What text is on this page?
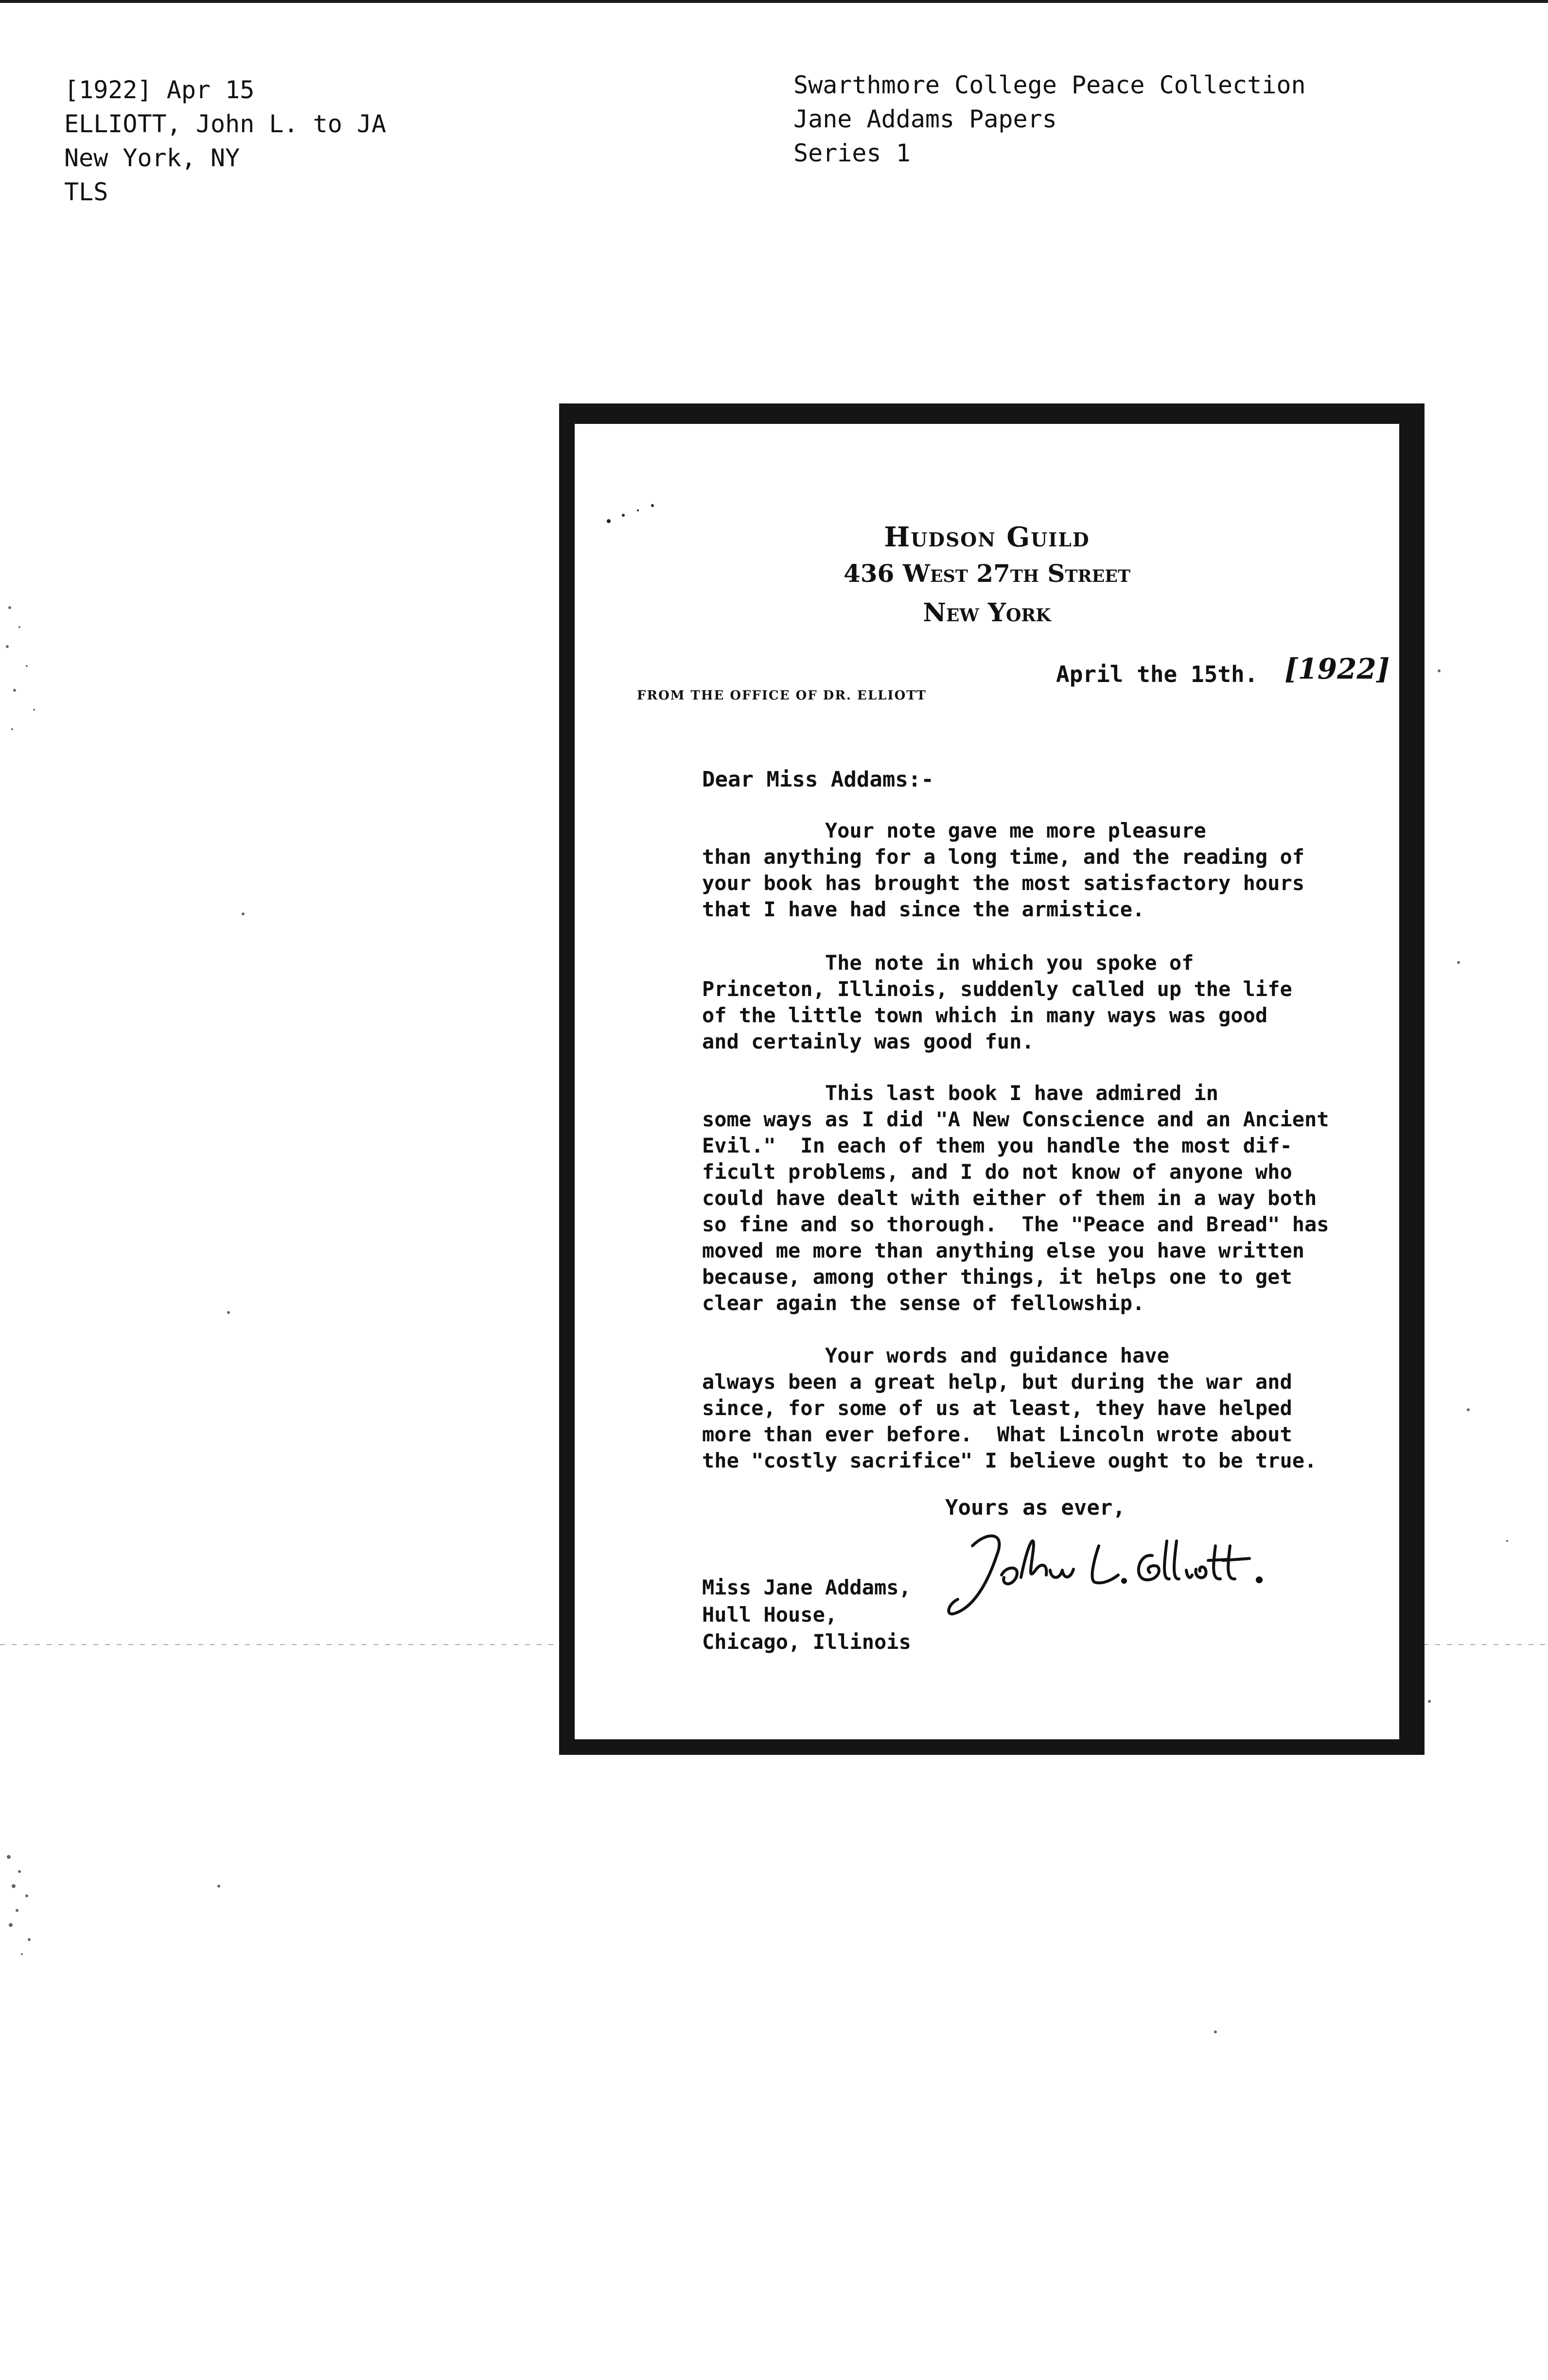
[1922] Apr 15
ELLIOTT, John L. to JA
New York, NY
TLS
Swarthmore College Peace Collection
Jane Addams Papers
Series 1
Hudson Guild
436 West 27th Street
New York
FROM THE OFFICE OF DR. ELLIOTT
April the 15th. [1922]
Dear Miss Addams:-
Your note gave me more pleasure
than anything for a long time, and the reading of
your book has brought the most satisfactory hours
that I have had since the armistice.
The note in which you spoke of
Princeton, Illinois, suddenly called up the life
of the little town which in many ways was good
and certainly was good fun.
This last book I have admired in
some ways as I did "A New Conscience and an Ancient
Evil."  In each of them you handle the most dif-
ficult problems, and I do not know of anyone who
could have dealt with either of them in a way both
so fine and so thorough.  The "Peace and Bread" has
moved me more than anything else you have written
because, among other things, it helps one to get
clear again the sense of fellowship.
Your words and guidance have
always been a great help, but during the war and
since, for some of us at least, they have helped
more than ever before.  What Lincoln wrote about
the "costly sacrifice" I believe ought to be true.
Yours as ever,
Miss Jane Addams,
Hull House,
Chicago, Illinois
